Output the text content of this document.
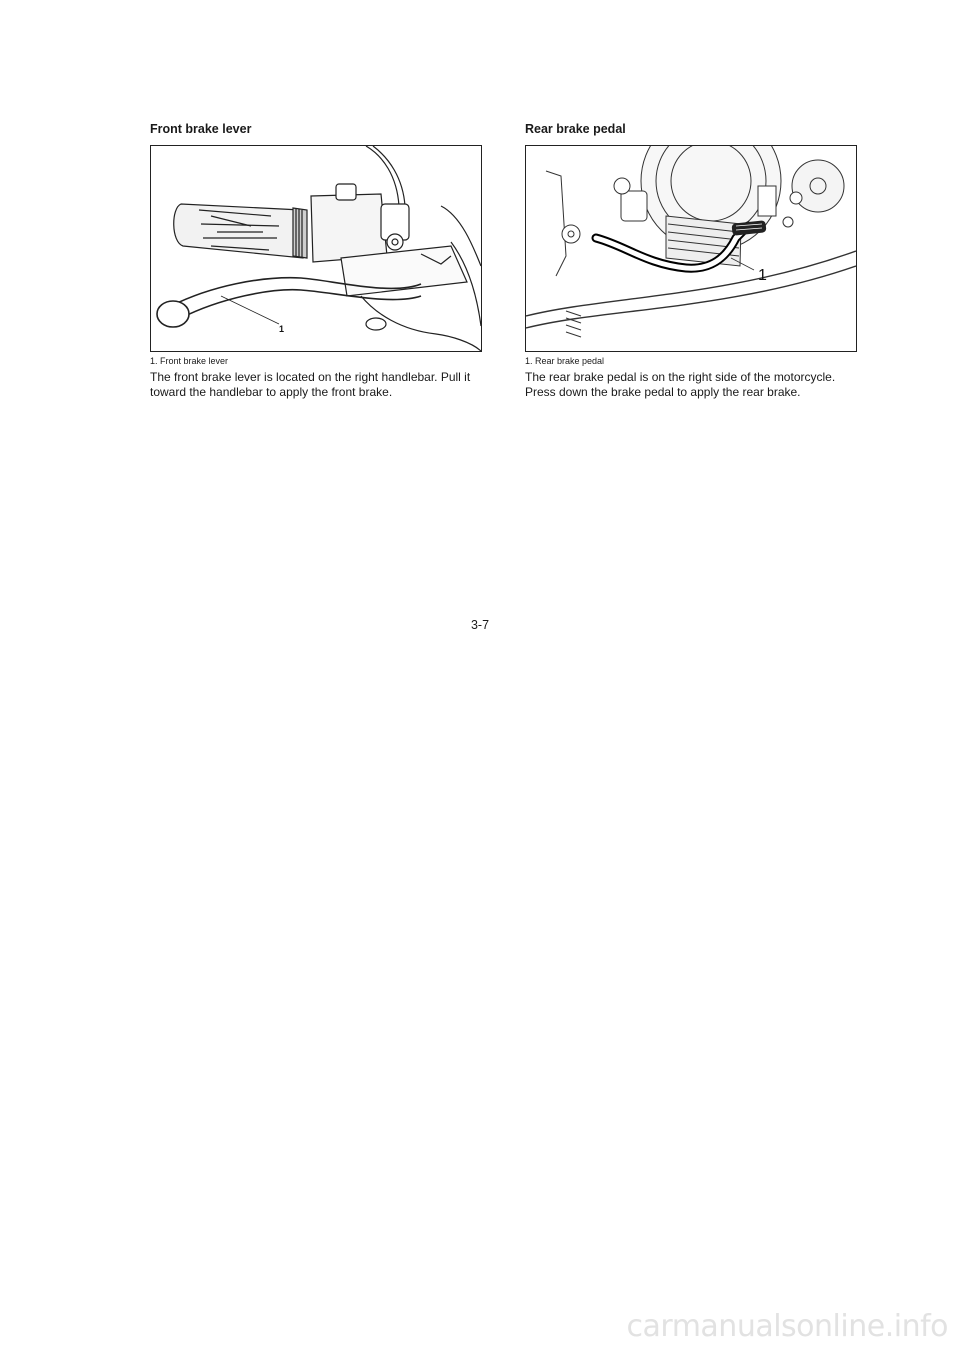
Front brake lever
1
1. Front brake lever

The front brake lever is located on the right handlebar. Pull it toward the handlebar to apply the front brake.

Rear brake pedal
1
1. Rear brake pedal

The rear brake pedal is on the right side of the motorcycle. Press down the brake pedal to apply the rear brake.

3-7
carmanualsonline.info
